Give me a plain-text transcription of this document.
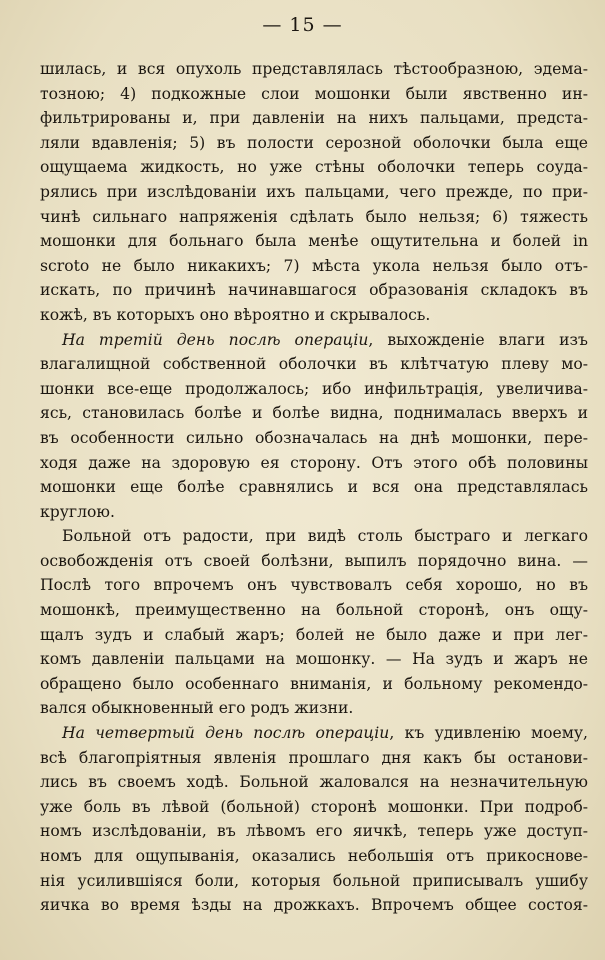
— 15 —
шилась, и вся опухоль представлялась тѣстообразною, эдема-
тозною; 4) подкожные слои мошонки были явственно ин-
фильтрированы и, при давленіи на нихъ пальцами, предста-
ляли вдавленія; 5) въ полости серозной оболочки была еще
ощущаема жидкость, но уже стѣны оболочки теперь соуда-
рялись при изслѣдованіи ихъ пальцами, чего прежде, по при-
чинѣ сильнаго напряженія сдѣлать было нельзя; 6) тяжесть
мошонки для больнаго была менѣе ощутительна и болей in
scroto не было никакихъ; 7) мѣста укола нельзя было отъ-
искать, по причинѣ начинавшагося образованія складокъ въ
кожѣ, въ которыхъ оно вѣроятно и скрывалось.
На третій день послѣ операціи, выхожденіе влаги изъ
влагалищной собственной оболочки въ клѣтчатую плеву мо-
шонки все-еще продолжалось; ибо инфильтрація, увеличива-
ясь, становилась болѣе и болѣе видна, поднималась вверхъ и
въ особенности сильно обозначалась на днѣ мошонки, пере-
ходя даже на здоровую ея сторону. Отъ этого обѣ половины
мошонки еще болѣе сравнялись и вся она представлялась
круглою.
Больной отъ радости, при видѣ столь быстраго и легкаго
освобожденія отъ своей болѣзни, выпилъ порядочно вина. —
Послѣ того впрочемъ онъ чувствовалъ себя хорошо, но въ
мошонкѣ, преимущественно на больной сторонѣ, онъ ощу-
щалъ зудъ и слабый жаръ; болей не было даже и при лег-
комъ давленіи пальцами на мошонку. — На зудъ и жаръ не
обращено было особеннаго вниманія, и больному рекомендо-
вался обыкновенный его родъ жизни.
На четвертый день послѣ операціи, къ удивленію моему,
всѣ благопріятныя явленія прошлаго дня какъ бы останови-
лись въ своемъ ходѣ. Больной жаловался на незначительную
уже боль въ лѣвой (больной) сторонѣ мошонки. При подроб-
номъ изслѣдованіи, въ лѣвомъ его яичкѣ, теперь уже доступ-
номъ для ощупыванія, оказались небольшія отъ прикоснове-
нія усилившіяся боли, которыя больной приписывалъ ушибу
яичка во время ѣзды на дрожкахъ. Впрочемъ общее состоя-
